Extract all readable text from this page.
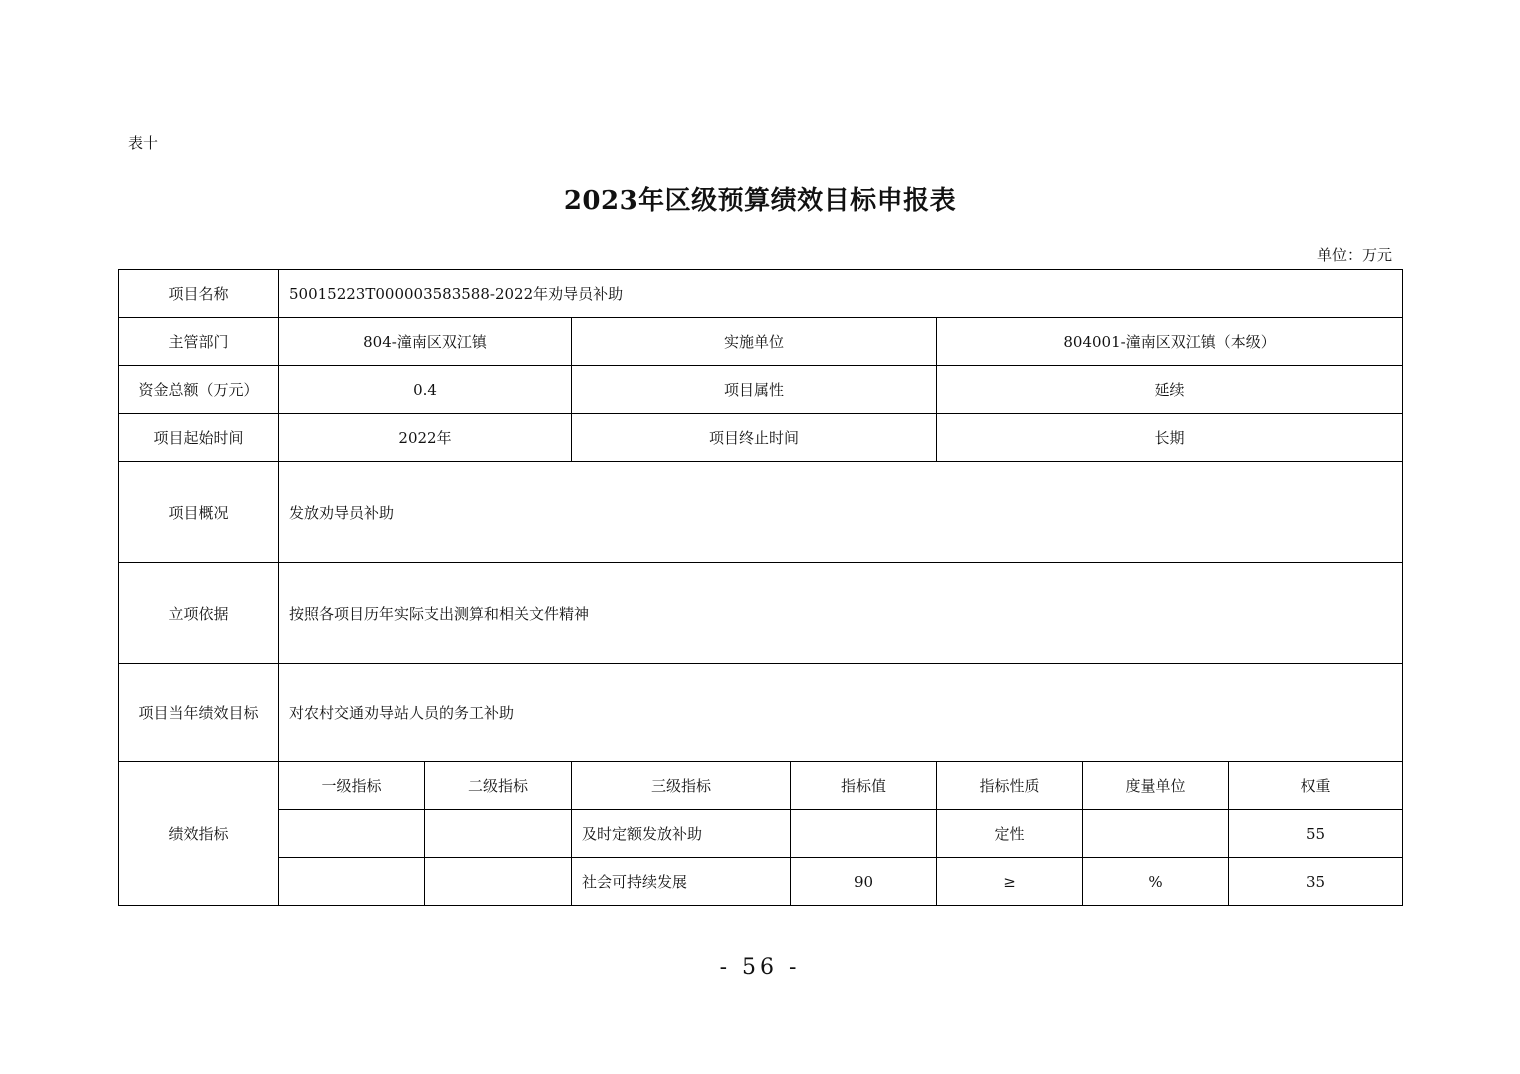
表十
2023年区级预算绩效目标申报表
单位：万元
项目名称	50015223T000003583588-2022年劝导员补助						
主管部门	804-潼南区双江镇		实施单位		804001-潼南区双江镇（本级）		
资金总额（万元）	0.4		项目属性		延续		
项目起始时间	2022年		项目终止时间		长期		
项目概况	发放劝导员补助						
立项依据	按照各项目历年实际支出测算和相关文件精神						
项目当年绩效目标	对农村交通劝导站人员的务工补助						
绩效指标	一级指标	二级指标	三级指标	指标值	指标性质	度量单位	权重
			及时定额发放补助		定性		55
			社会可持续发展	90	≥	%	35
- 56 -
